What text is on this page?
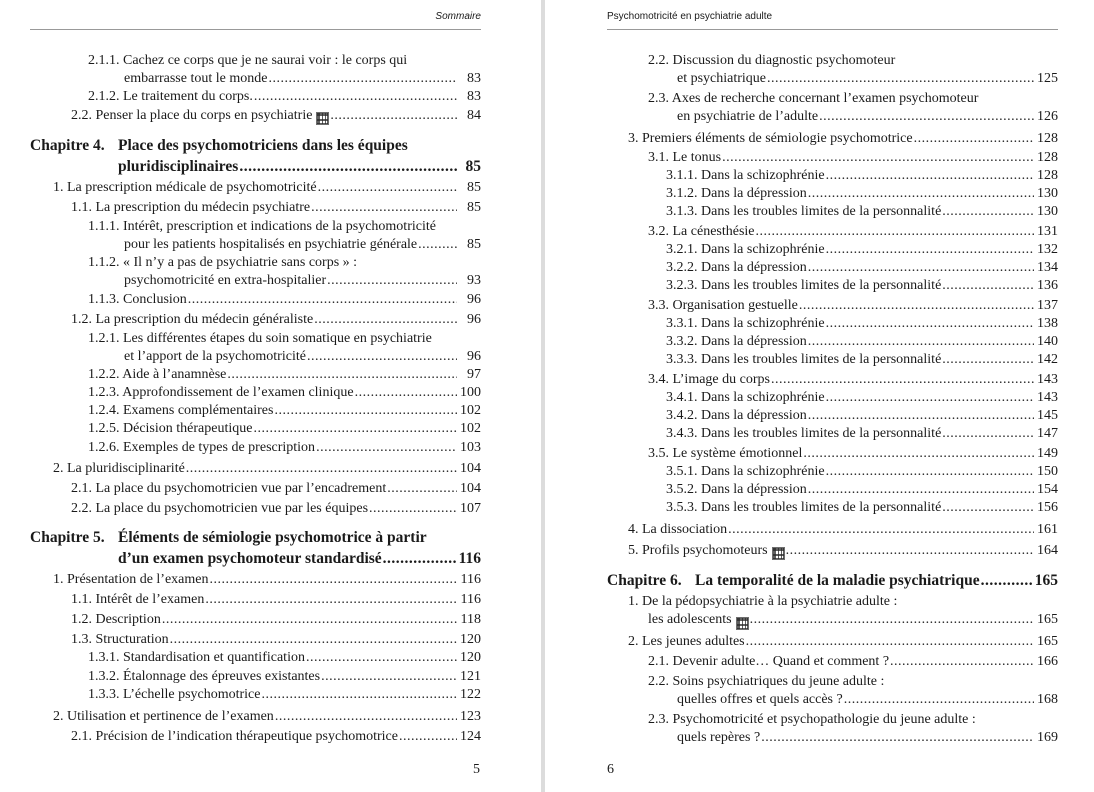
Sommaire
2.1.1. Cachez ce corps que je ne saurai voir : le corps qui
embarrasse tout le monde .....	83
2.1.2. Le traitement du corps. .....	83
2.2. Penser la place du corps en psychiatrie .....	84
Chapitre 4. Place des psychomotriciens dans les équipes
pluridisciplinaires .....	85
1. La prescription médicale de psychomotricité .....	85
1.1. La prescription du médecin psychiatre .....	85
1.1.1. Intérêt, prescription et indications de la psychomotricité
pour les patients hospitalisés en psychiatrie générale .....	85
1.1.2. « Il n’y a pas de psychiatrie sans corps » :
psychomotricité en extra-hospitalier .....	93
1.1.3. Conclusion .....	96
1.2. La prescription du médecin généraliste .....	96
1.2.1. Les différentes étapes du soin somatique en psychiatrie
et l’apport de la psychomotricité .....	96
1.2.2. Aide à l’anamnèse .....	97
1.2.3. Approfondissement de l’examen clinique .....	100
1.2.4. Examens complémentaires .....	102
1.2.5. Décision thérapeutique .....	102
1.2.6. Exemples de types de prescription .....	103
2. La pluridisciplinarité .....	104
2.1. La place du psychomotricien vue par l’encadrement .....	104
2.2. La place du psychomotricien vue par les équipes .....	107
Chapitre 5. Éléments de sémiologie psychomotrice à partir
d’un examen psychomoteur standardisé .....	116
1. Présentation de l’examen .....	116
1.1. Intérêt de l’examen .....	116
1.2. Description .....	118
1.3. Structuration .....	120
1.3.1. Standardisation et quantification .....	120
1.3.2. Étalonnage des épreuves existantes .....	121
1.3.3. L’échelle psychomotrice .....	122
2. Utilisation et pertinence de l’examen .....	123
2.1. Précision de l’indication thérapeutique psychomotrice .....	124
5
Psychomotricité en psychiatrie adulte
2.2. Discussion du diagnostic psychomoteur
et psychiatrique .....	125
2.3. Axes de recherche concernant l’examen psychomoteur
en psychiatrie de l’adulte .....	126
3. Premiers éléments de sémiologie psychomotrice .....	128
3.1. Le tonus .....	128
3.1.1. Dans la schizophrénie .....	128
3.1.2. Dans la dépression .....	130
3.1.3. Dans les troubles limites de la personnalité .....	130
3.2. La cénesthésie .....	131
3.2.1. Dans la schizophrénie .....	132
3.2.2. Dans la dépression .....	134
3.2.3. Dans les troubles limites de la personnalité .....	136
3.3. Organisation gestuelle .....	137
3.3.1. Dans la schizophrénie .....	138
3.3.2. Dans la dépression .....	140
3.3.3. Dans les troubles limites de la personnalité .....	142
3.4. L’image du corps .....	143
3.4.1. Dans la schizophrénie .....	143
3.4.2. Dans la dépression .....	145
3.4.3. Dans les troubles limites de la personnalité .....	147
3.5. Le système émotionnel .....	149
3.5.1. Dans la schizophrénie .....	150
3.5.2. Dans la dépression .....	154
3.5.3. Dans les troubles limites de la personnalité .....	156
4. La dissociation .....	161
5. Profils psychomoteurs .....	164
Chapitre 6. La temporalité de la maladie psychiatrique .....	165
1. De la pédopsychiatrie à la psychiatrie adulte :
les adolescents .....	165
2. Les jeunes adultes .....	165
2.1. Devenir adulte… Quand et comment ? .....	166
2.2. Soins psychiatriques du jeune adulte :
quelles offres et quels accès ? .....	168
2.3. Psychomotricité et psychopathologie du jeune adulte :
quels repères ? .....	169
6
